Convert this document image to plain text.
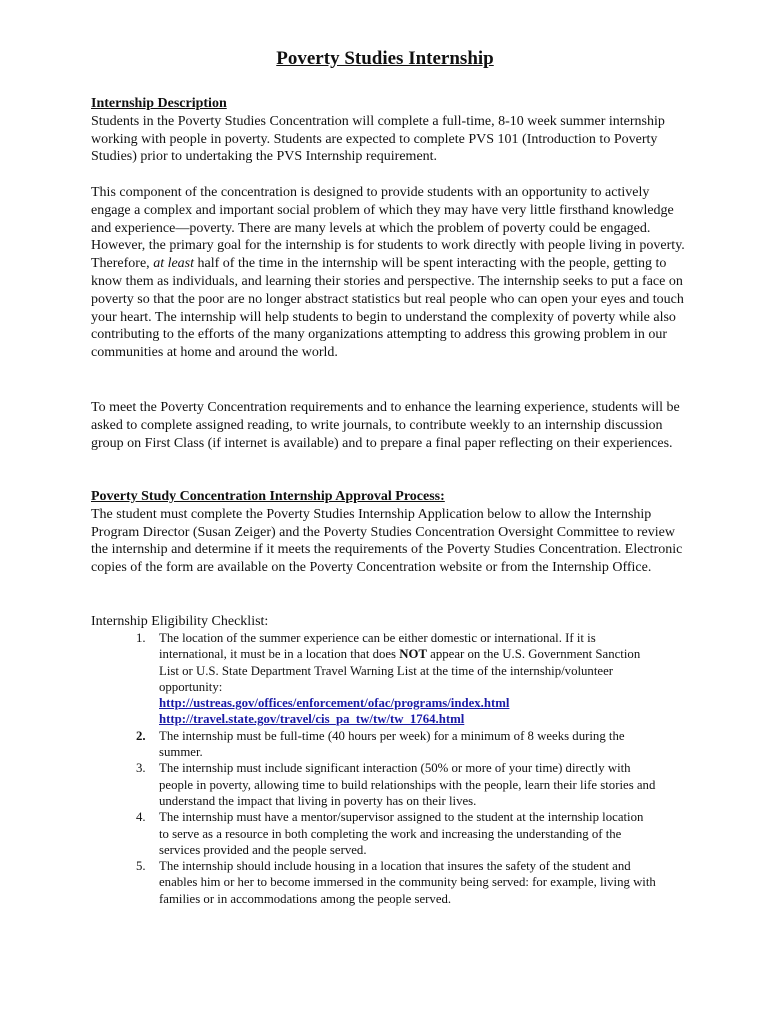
Poverty Studies Internship

Internship Description

Students in the Poverty Studies Concentration will complete a full-time, 8-10 week summer internship working with people in poverty. Students are expected to complete PVS 101 (Introduction to Poverty Studies) prior to undertaking the PVS Internship requirement.

This component of the concentration is designed to provide students with an opportunity to actively engage a complex and important social problem of which they may have very little firsthand knowledge and experience—poverty. There are many levels at which the problem of poverty could be engaged. However, the primary goal for the internship is for students to work directly with people living in poverty. Therefore, at least half of the time in the internship will be spent interacting with the people, getting to know them as individuals, and learning their stories and perspective. The internship seeks to put a face on poverty so that the poor are no longer abstract statistics but real people who can open your eyes and touch your heart. The internship will help students to begin to understand the complexity of poverty while also contributing to the efforts of the many organizations attempting to address this growing problem in our communities at home and around the world.

To meet the Poverty Concentration requirements and to enhance the learning experience, students will be asked to complete assigned reading, to write journals, to contribute weekly to an internship discussion group on First Class (if internet is available) and to prepare a final paper reflecting on their experiences.

Poverty Study Concentration Internship Approval Process:

The student must complete the Poverty Studies Internship Application below to allow the Internship Program Director (Susan Zeiger) and the Poverty Studies Concentration Oversight Committee to review the internship and determine if it meets the requirements of the Poverty Studies Concentration. Electronic copies of the form are available on the Poverty Concentration website or from the Internship Office.

Internship Eligibility Checklist:
1. The location of the summer experience can be either domestic or international. If it is international, it must be in a location that does NOT appear on the U.S. Government Sanction List or U.S. State Department Travel Warning List at the time of the internship/volunteer opportunity:
http://ustreas.gov/offices/enforcement/ofac/programs/index.html
http://travel.state.gov/travel/cis_pa_tw/tw/tw_1764.html
2. The internship must be full-time (40 hours per week) for a minimum of 8 weeks during the summer.
3. The internship must include significant interaction (50% or more of your time) directly with people in poverty, allowing time to build relationships with the people, learn their life stories and understand the impact that living in poverty has on their lives.
4. The internship must have a mentor/supervisor assigned to the student at the internship location to serve as a resource in both completing the work and increasing the understanding of the services provided and the people served.
5. The internship should include housing in a location that insures the safety of the student and enables him or her to become immersed in the community being served: for example, living with families or in accommodations among the people served.
